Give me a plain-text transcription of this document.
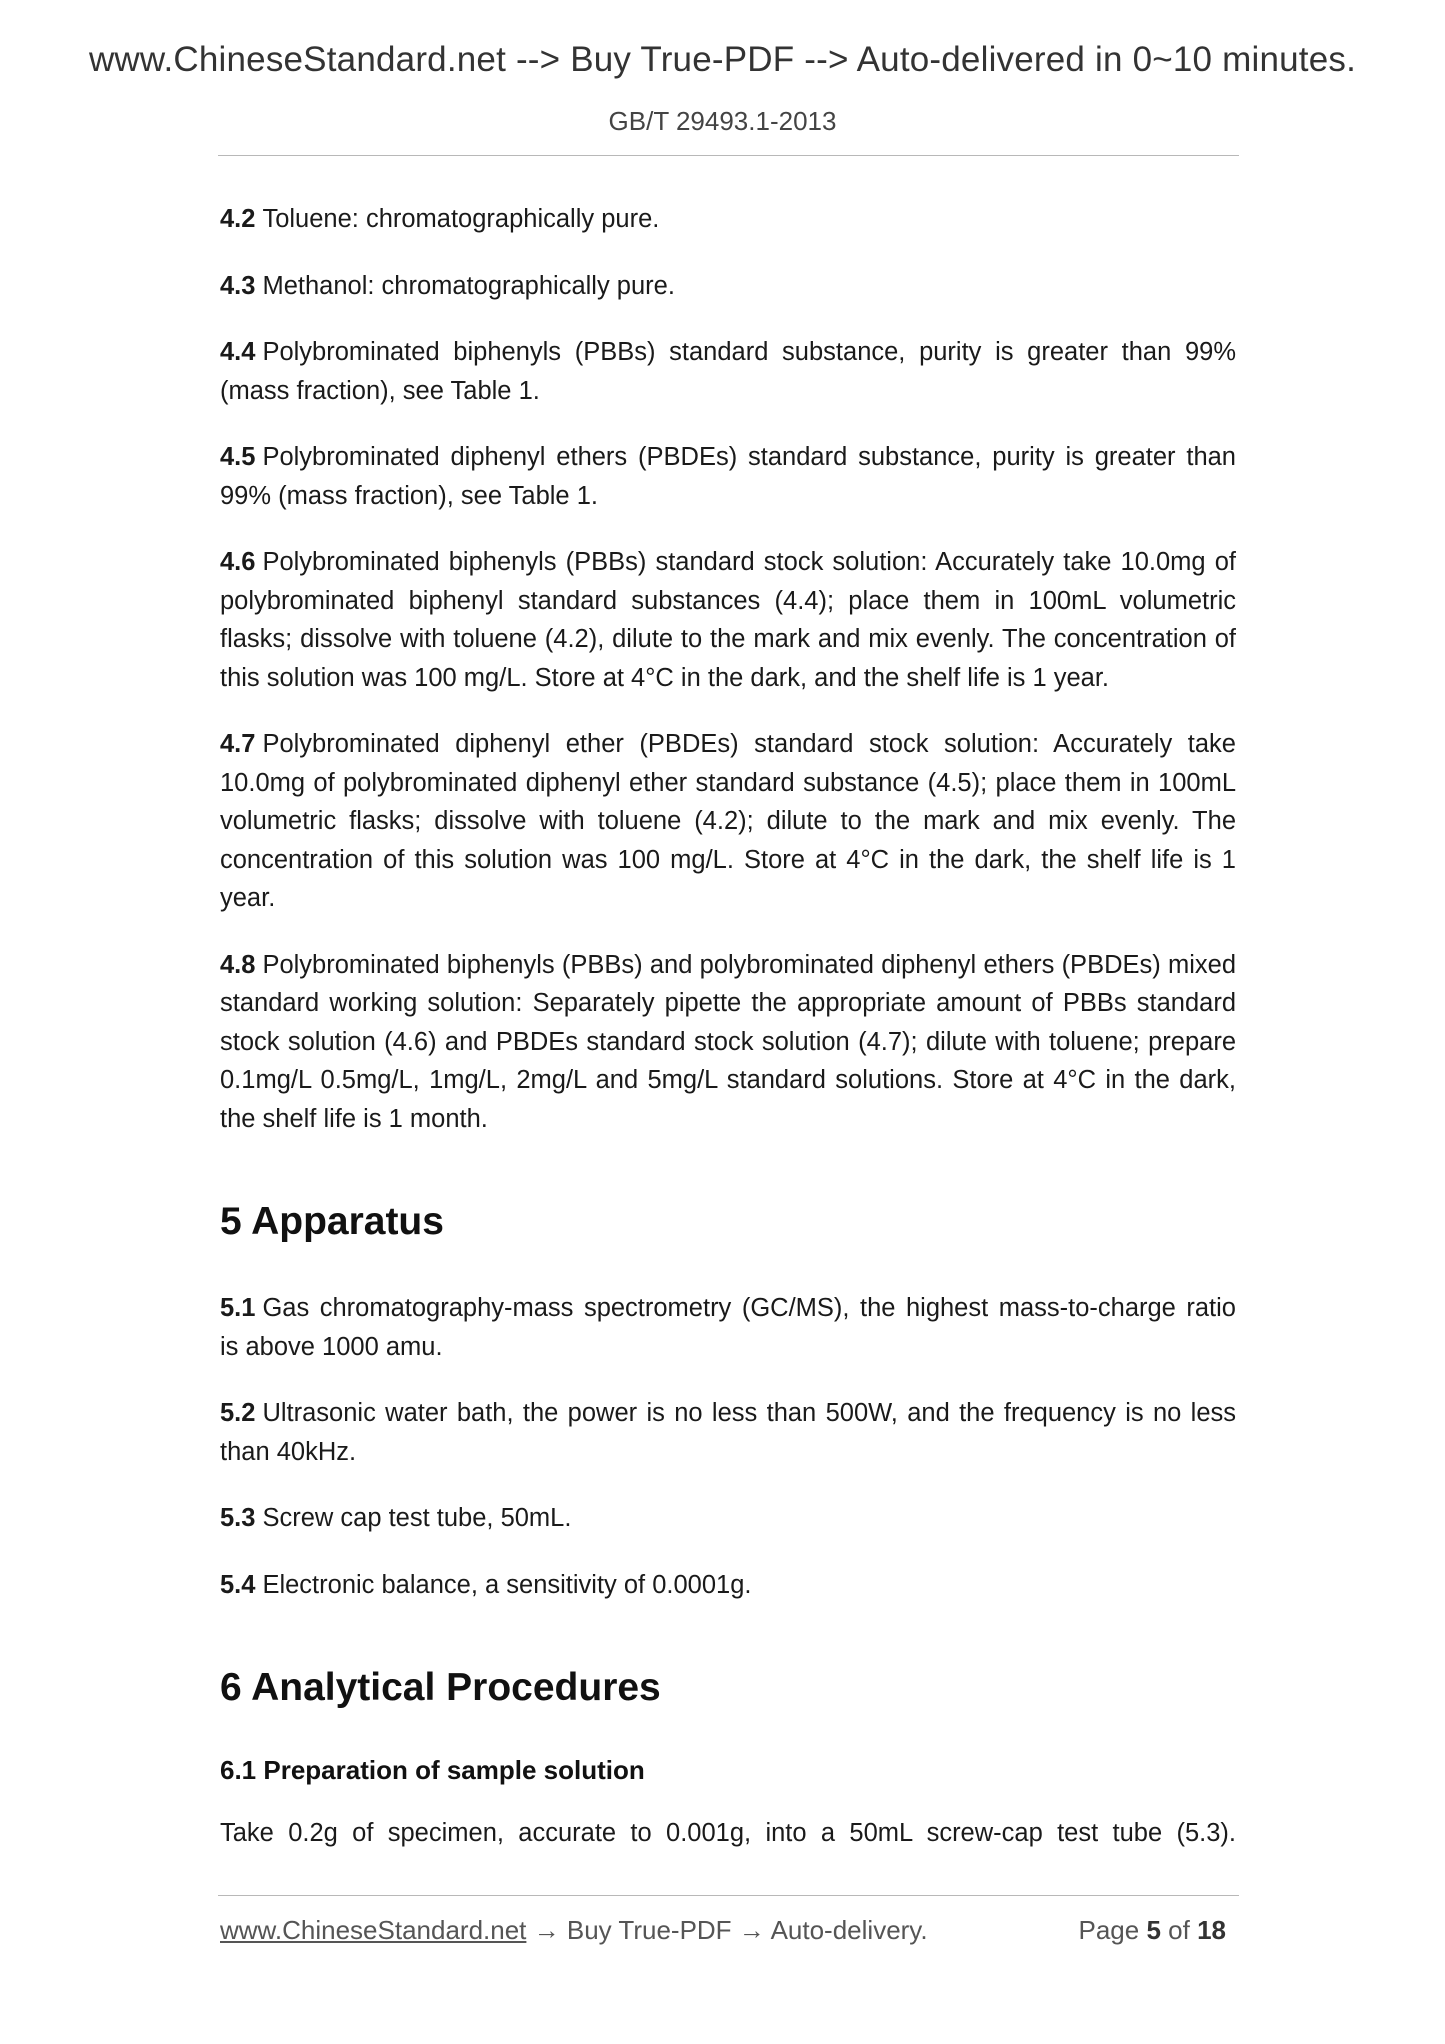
www.ChineseStandard.net --> Buy True-PDF --> Auto-delivered in 0~10 minutes.
GB/T 29493.1-2013

4.2 Toluene: chromatographically pure.

4.3 Methanol: chromatographically pure.

4.4 Polybrominated biphenyls (PBBs) standard substance, purity is greater than 99% (mass fraction), see Table 1.

4.5 Polybrominated diphenyl ethers (PBDEs) standard substance, purity is greater than 99% (mass fraction), see Table 1.

4.6 Polybrominated biphenyls (PBBs) standard stock solution: Accurately take 10.0mg of polybrominated biphenyl standard substances (4.4); place them in 100mL volumetric flasks; dissolve with toluene (4.2), dilute to the mark and mix evenly. The concentration of this solution was 100 mg/L. Store at 4°C in the dark, and the shelf life is 1 year.

4.7 Polybrominated diphenyl ether (PBDEs) standard stock solution: Accurately take 10.0mg of polybrominated diphenyl ether standard substance (4.5); place them in 100mL volumetric flasks; dissolve with toluene (4.2); dilute to the mark and mix evenly. The concentration of this solution was 100 mg/L. Store at 4°C in the dark, the shelf life is 1 year.

4.8 Polybrominated biphenyls (PBBs) and polybrominated diphenyl ethers (PBDEs) mixed standard working solution: Separately pipette the appropriate amount of PBBs standard stock solution (4.6) and PBDEs standard stock solution (4.7); dilute with toluene; prepare 0.1mg/L 0.5mg/L, 1mg/L, 2mg/L and 5mg/L standard solutions. Store at 4°C in the dark, the shelf life is 1 month.

5 Apparatus

5.1 Gas chromatography-mass spectrometry (GC/MS), the highest mass-to-charge ratio is above 1000 amu.

5.2 Ultrasonic water bath, the power is no less than 500W, and the frequency is no less than 40kHz.

5.3 Screw cap test tube, 50mL.

5.4 Electronic balance, a sensitivity of 0.0001g.

6 Analytical Procedures
6.1 Preparation of sample solution

Take 0.2g of specimen, accurate to 0.001g, into a 50mL screw-cap test tube (5.3).

www.ChineseStandard.net → Buy True-PDF → Auto-delivery.	Page 5 of 18
